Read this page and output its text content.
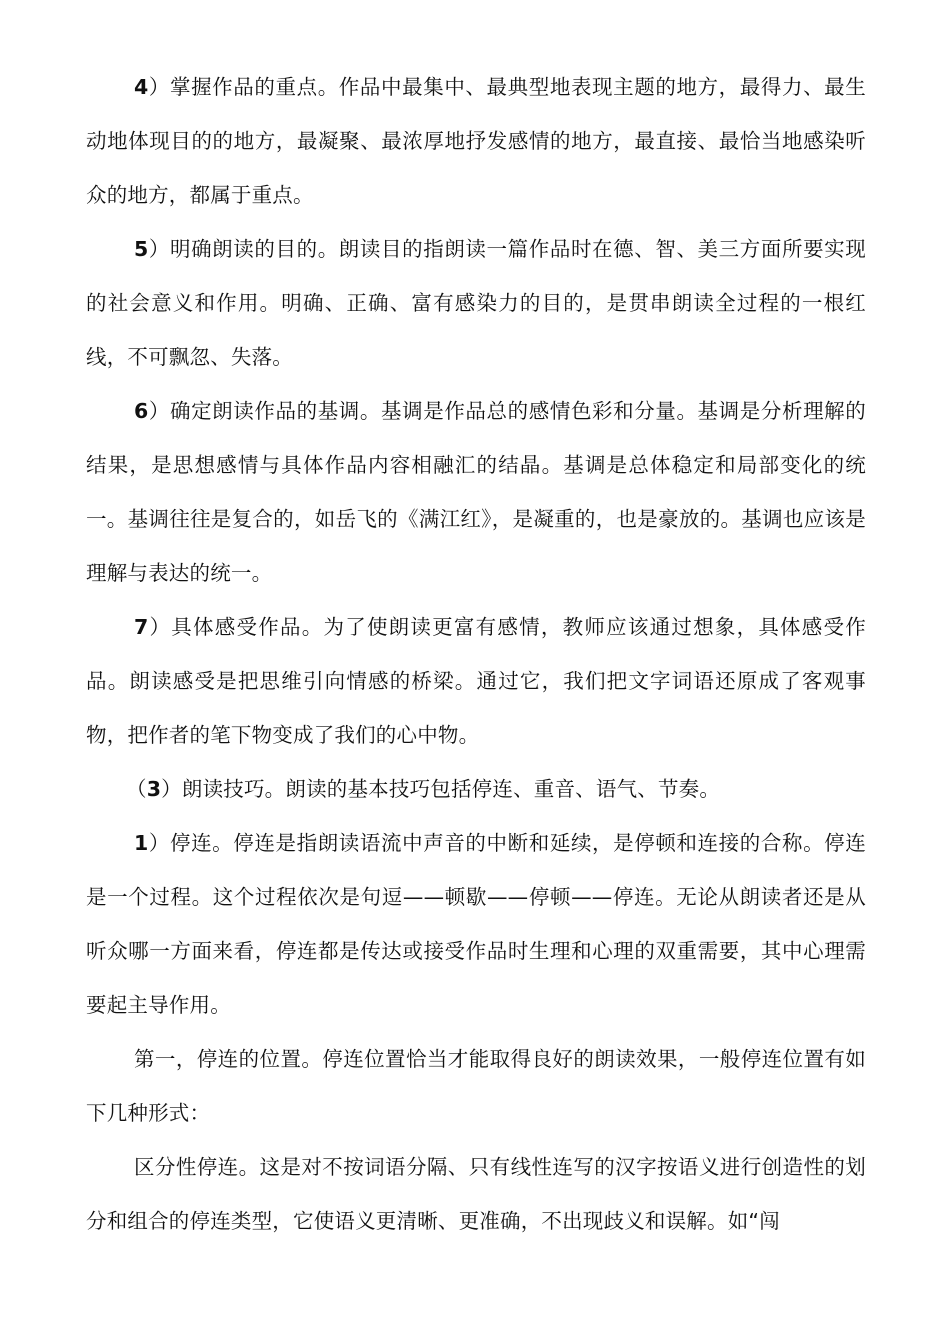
4）掌握作品的重点。作品中最集中、最典型地表现主题的地方，最得力、最生动地体现目的的地方，最凝聚、最浓厚地抒发感情的地方，最直接、最恰当地感染听众的地方，都属于重点。

5）明确朗读的目的。朗读目的指朗读一篇作品时在德、智、美三方面所要实现的社会意义和作用。明确、正确、富有感染力的目的，是贯串朗读全过程的一根红线，不可飘忽、失落。

6）确定朗读作品的基调。基调是作品总的感情色彩和分量。基调是分析理解的结果，是思想感情与具体作品内容相融汇的结晶。基调是总体稳定和局部变化的统一。基调往往是复合的，如岳飞的《满江红》，是凝重的，也是豪放的。基调也应该是理解与表达的统一。

7）具体感受作品。为了使朗读更富有感情，教师应该通过想象，具体感受作品。朗读感受是把思维引向情感的桥梁。通过它，我们把文字词语还原成了客观事物，把作者的笔下物变成了我们的心中物。

（3）朗读技巧。朗读的基本技巧包括停连、重音、语气、节奏。

1）停连。停连是指朗读语流中声音的中断和延续，是停顿和连接的合称。停连是一个过程。这个过程依次是句逗——顿歇——停顿——停连。无论从朗读者还是从听众哪一方面来看，停连都是传达或接受作品时生理和心理的双重需要，其中心理需要起主导作用。

第一，停连的位置。停连位置恰当才能取得良好的朗读效果，一般停连位置有如下几种形式：

区分性停连。这是对不按词语分隔、只有线性连写的汉字按语义进行创造性的划分和组合的停连类型，它使语义更清晰、更准确，不出现歧义和误解。如“闯
